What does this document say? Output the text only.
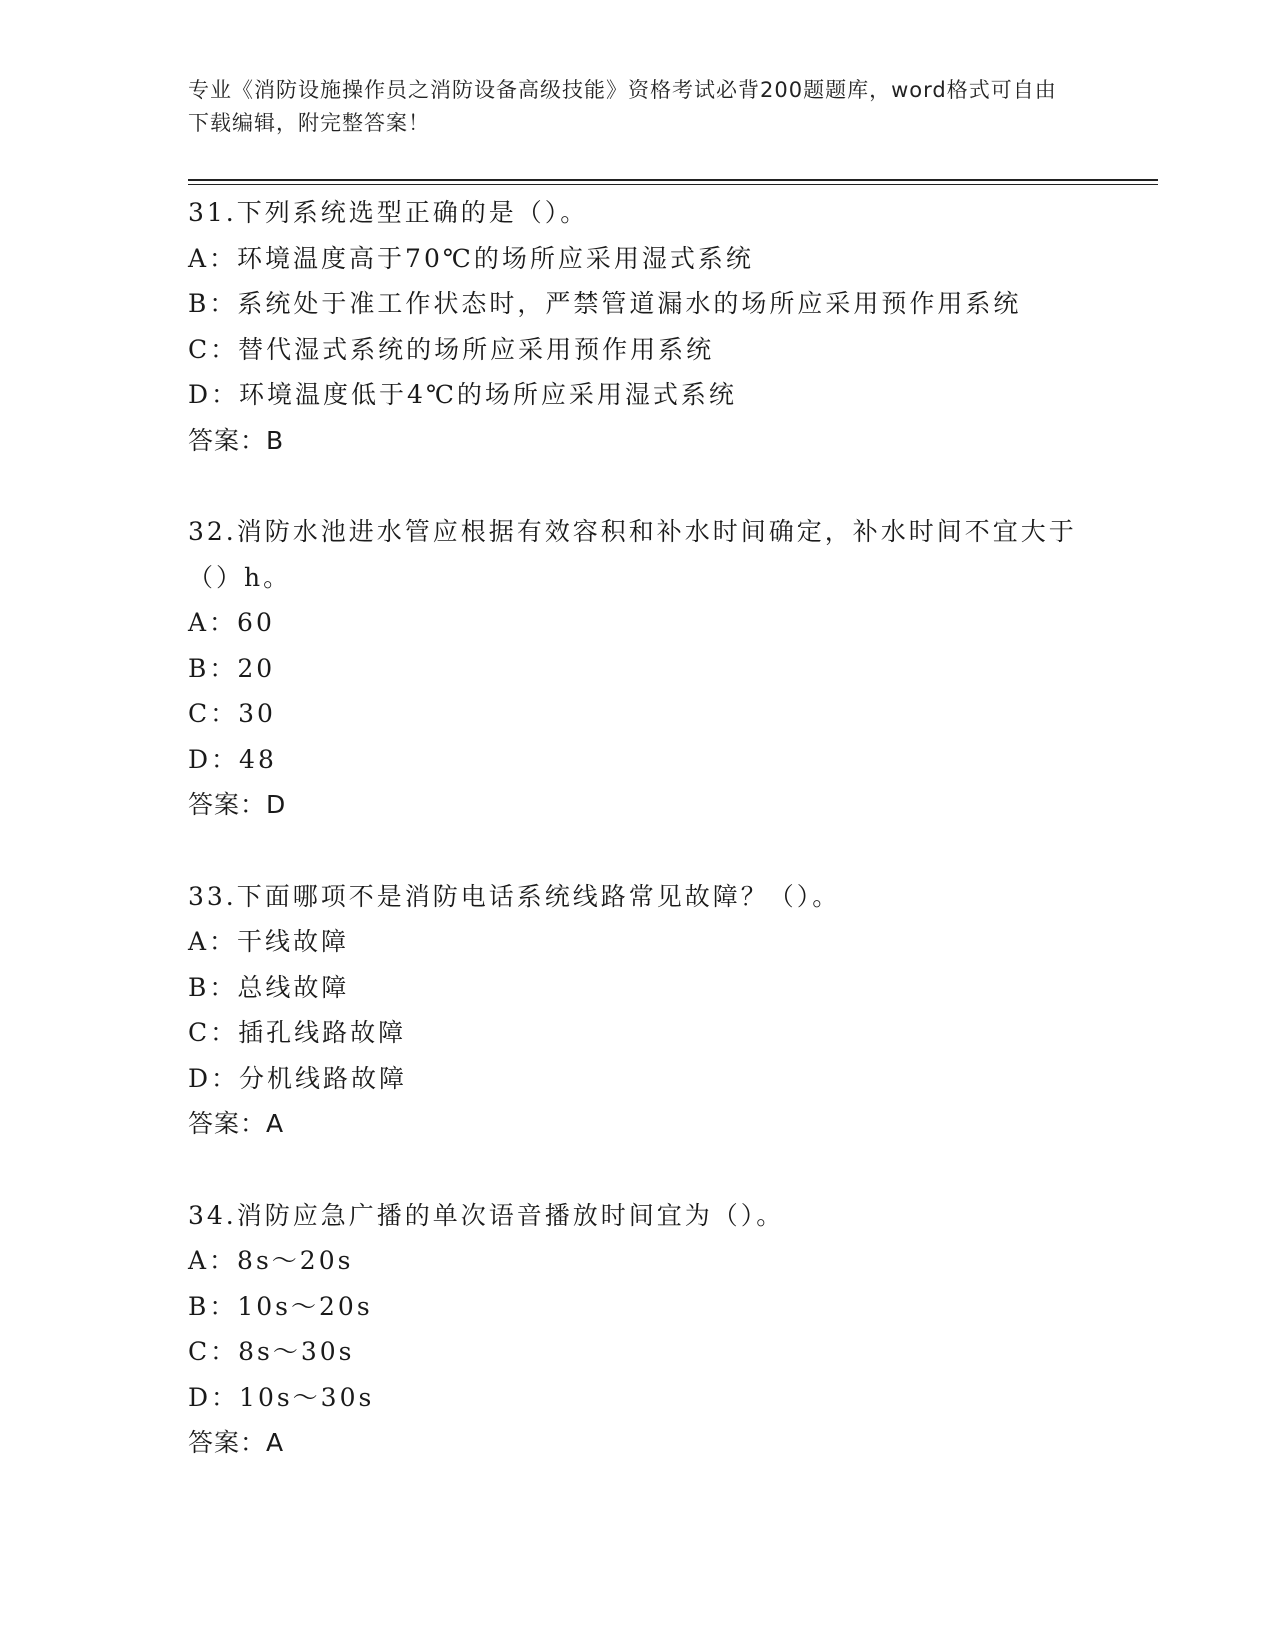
专业《消防设施操作员之消防设备高级技能》资格考试必背200题题库，word格式可自由下载编辑，附完整答案！
31.下列系统选型正确的是（）。
A：环境温度高于70℃的场所应采用湿式系统
B：系统处于准工作状态时，严禁管道漏水的场所应采用预作用系统
C：替代湿式系统的场所应采用预作用系统
D：环境温度低于4℃的场所应采用湿式系统
答案：B
32.消防水池进水管应根据有效容积和补水时间确定，补水时间不宜大于（）h。
A：60
B：20
C：30
D：48
答案：D
33.下面哪项不是消防电话系统线路常见故障？（）。
A：干线故障
B：总线故障
C：插孔线路故障
D：分机线路故障
答案：A
34.消防应急广播的单次语音播放时间宜为（）。
A：8s～20s
B：10s～20s
C：8s～30s
D：10s～30s
答案：A
